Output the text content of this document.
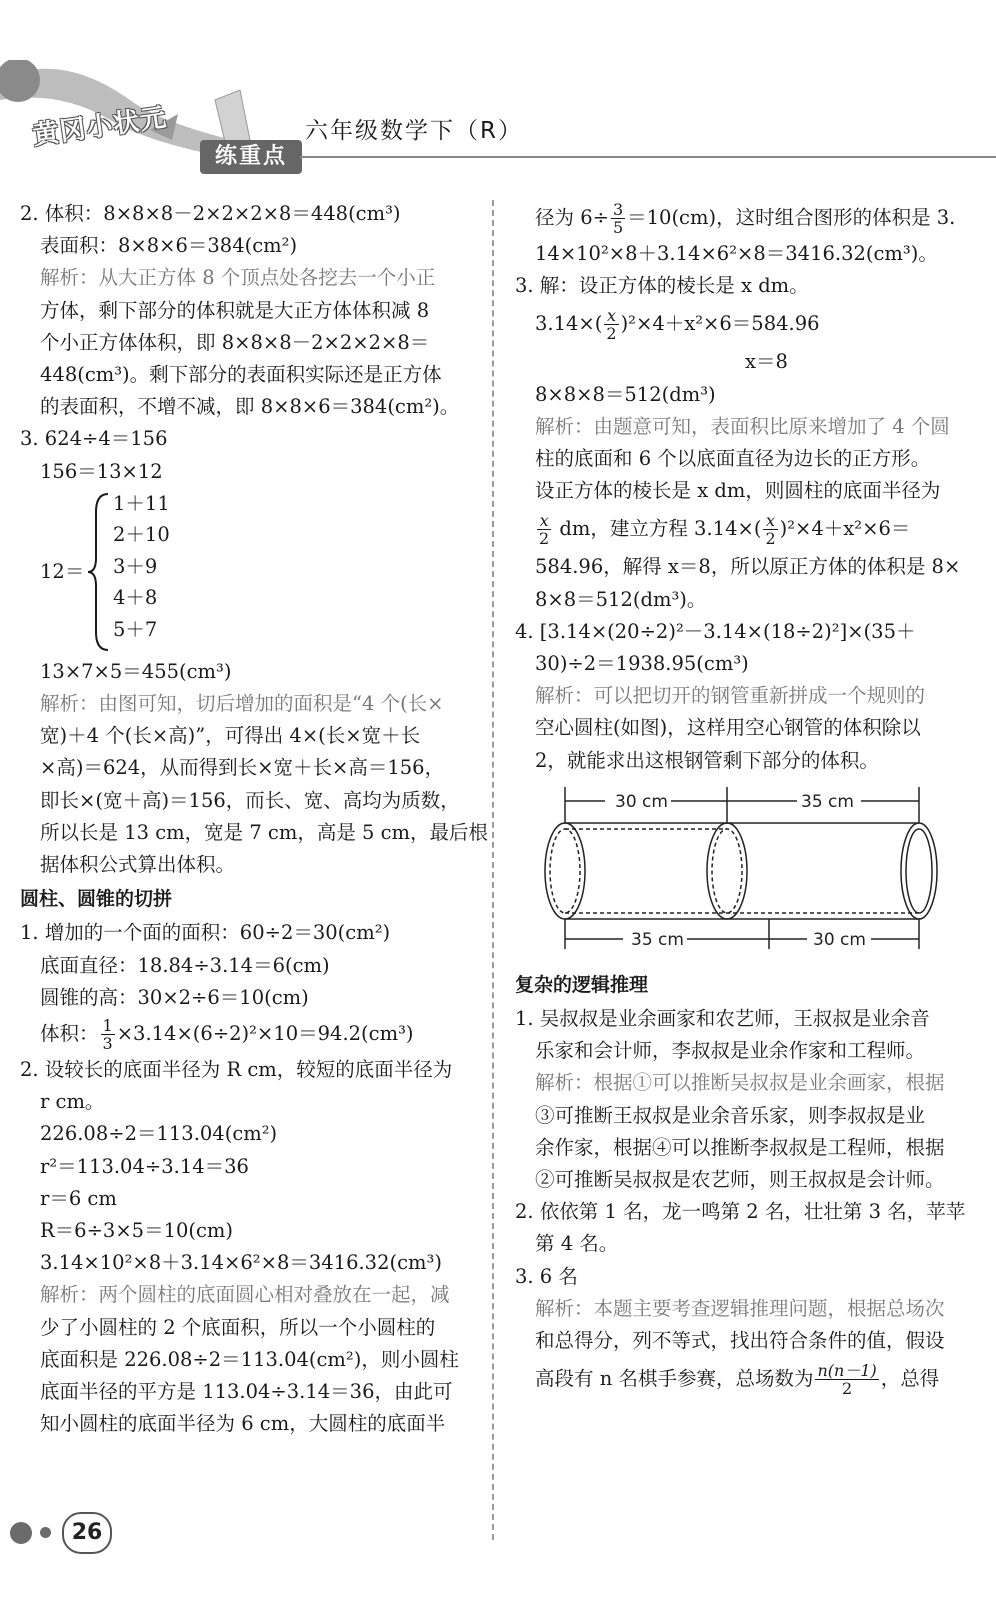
黄冈小状元
练重点
六年级数学下（R）

2. 体积：8×8×8－2×2×2×8＝448(cm³)

表面积：8×8×6＝384(cm²)

解析：从大正方体 8 个顶点处各挖去一个小正

方体，剩下部分的体积就是大正方体体积减 8

个小正方体体积，即 8×8×8－2×2×2×8＝

448(cm³)。剩下部分的表面积实际还是正方体

的表面积，不增不减，即 8×8×6＝384(cm²)。

3. 624÷4＝156

156＝13×12

12＝
1＋11
2＋10
3＋9
4＋8
5＋7

13×7×5＝455(cm³)

解析：由图可知，切后增加的面积是“4 个(长×

宽)＋4 个(长×高)”，可得出 4×(长×宽＋长

×高)＝624，从而得到长×宽＋长×高＝156，

即长×(宽＋高)＝156，而长、宽、高均为质数，

所以长是 13 cm，宽是 7 cm，高是 5 cm，最后根

据体积公式算出体积。

圆柱、圆锥的切拼

1. 增加的一个面的面积：60÷2＝30(cm²)

底面直径：18.84÷3.14＝6(cm)

圆锥的高：30×2÷6＝10(cm)

体积： $\frac{1}{3} \times 3.14\times(6\div 2)^2\times 10=94.2(cm^3)$

2. 设较长的底面半径为 R cm，较短的底面半径为

r cm。

226.08÷2＝113.04(cm²)

r²＝113.04÷3.14＝36

r＝6 cm

R＝6÷3×5＝10(cm)

3.14×10²×8＋3.14×6²×8＝3416.32(cm³)

解析：两个圆柱的底面圆心相对叠放在一起，减

少了小圆柱的 2 个底面积，所以一个小圆柱的

底面积是 226.08÷2＝113.04(cm²)，则小圆柱

底面半径的平方是 113.04÷3.14＝36，由此可

知小圆柱的底面半径为 6 cm，大圆柱的底面半

径为 $6\div \frac{3}{5} =10(cm)$，这时组合图形的体积是 3.

14×10²×8＋3.14×6²×8＝3416.32(cm³)。

3. 解：设正方体的棱长是 x dm。

$3.14\times( \frac{x}{2} )^2\times 4+x^2\times 6=584.96$

x＝8

8×8×8＝512(dm³)

解析：由题意可知，表面积比原来增加了 4 个圆

柱的底面和 6 个以底面直径为边长的正方形。

设正方体的棱长是 x dm，则圆柱的底面半径为

$\frac{x}{2}$ dm，建立方程 $3.14\times( \frac{x}{2} )^2\times 4+x^2\times 6=$

584.96，解得 x＝8，所以原正方体的体积是 8×

8×8＝512(dm³)。

4. [3.14×(20÷2)²－3.14×(18÷2)²]×(35＋

30)÷2＝1938.95(cm³)

解析：可以把切开的钢管重新拼成一个规则的

空心圆柱(如图)，这样用空心钢管的体积除以

2，就能求出这根钢管剩下部分的体积。

30 cm	35 cm
35 cm	30 cm

复杂的逻辑推理

1. 吴叔叔是业余画家和农艺师，王叔叔是业余音

乐家和会计师，李叔叔是业余作家和工程师。

解析：根据①可以推断吴叔叔是业余画家，根据

③可推断王叔叔是业余音乐家，则李叔叔是业

余作家，根据④可以推断李叔叔是工程师，根据

②可推断吴叔叔是农艺师，则王叔叔是会计师。

2. 依依第 1 名，龙一鸣第 2 名，壮壮第 3 名，苹苹

第 4 名。

3. 6 名

解析：本题主要考查逻辑推理问题，根据总场次

和总得分，列不等式，找出符合条件的值，假设

高段有 n 名棋手参赛，总场数为 $\frac{n(n-1)}{2}$ ，总得

26
